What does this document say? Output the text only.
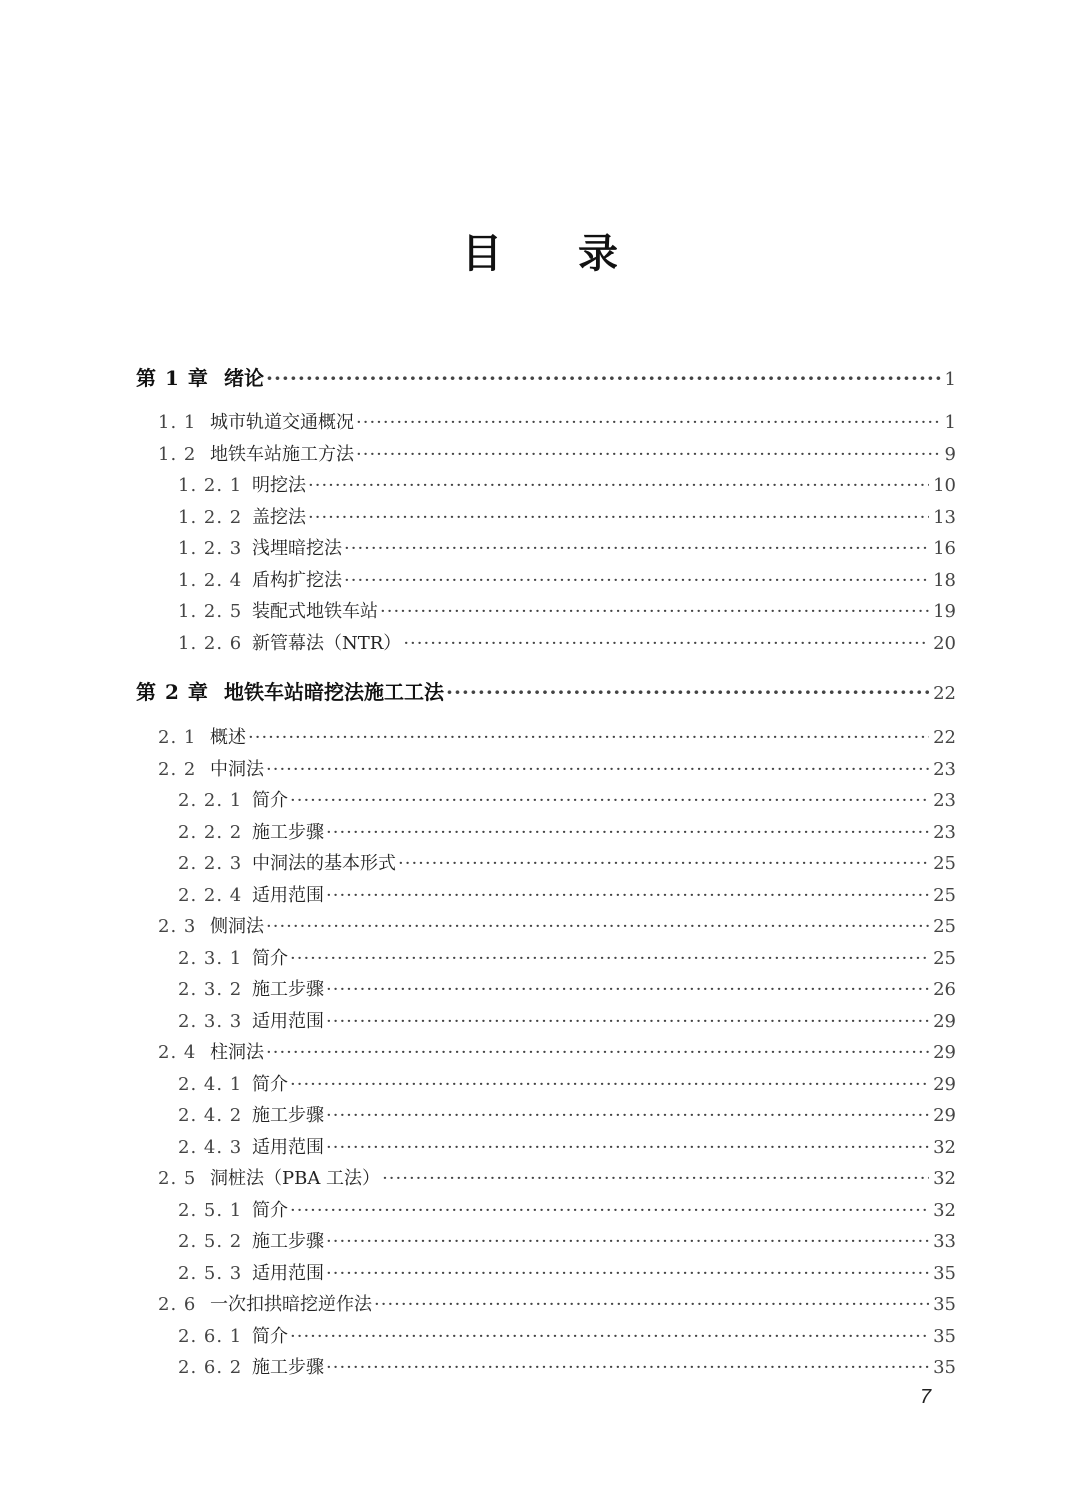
目 录
第 1 章 绪论 ·····	1
1. 1 城市轨道交通概况 ·····	1
1. 2 地铁车站施工方法 ·····	9
1. 2. 1 明挖法 ·····	10
1. 2. 2 盖挖法 ·····	13
1. 2. 3 浅埋暗挖法 ·····	16
1. 2. 4 盾构扩挖法 ·····	18
1. 2. 5 装配式地铁车站 ·····	19
1. 2. 6 新管幕法（NTR） ·····	20
第 2 章 地铁车站暗挖法施工工法 ·····	22
2. 1 概述 ·····	22
2. 2 中洞法 ·····	23
2. 2. 1 简介 ·····	23
2. 2. 2 施工步骤 ·····	23
2. 2. 3 中洞法的基本形式 ·····	25
2. 2. 4 适用范围 ·····	25
2. 3 侧洞法 ·····	25
2. 3. 1 简介 ·····	25
2. 3. 2 施工步骤 ·····	26
2. 3. 3 适用范围 ·····	29
2. 4 柱洞法 ·····	29
2. 4. 1 简介 ·····	29
2. 4. 2 施工步骤 ·····	29
2. 4. 3 适用范围 ·····	32
2. 5 洞桩法（PBA 工法） ·····	32
2. 5. 1 简介 ·····	32
2. 5. 2 施工步骤 ·····	33
2. 5. 3 适用范围 ·····	35
2. 6 一次扣拱暗挖逆作法 ·····	35
2. 6. 1 简介 ·····	35
2. 6. 2 施工步骤 ·····	35
7
